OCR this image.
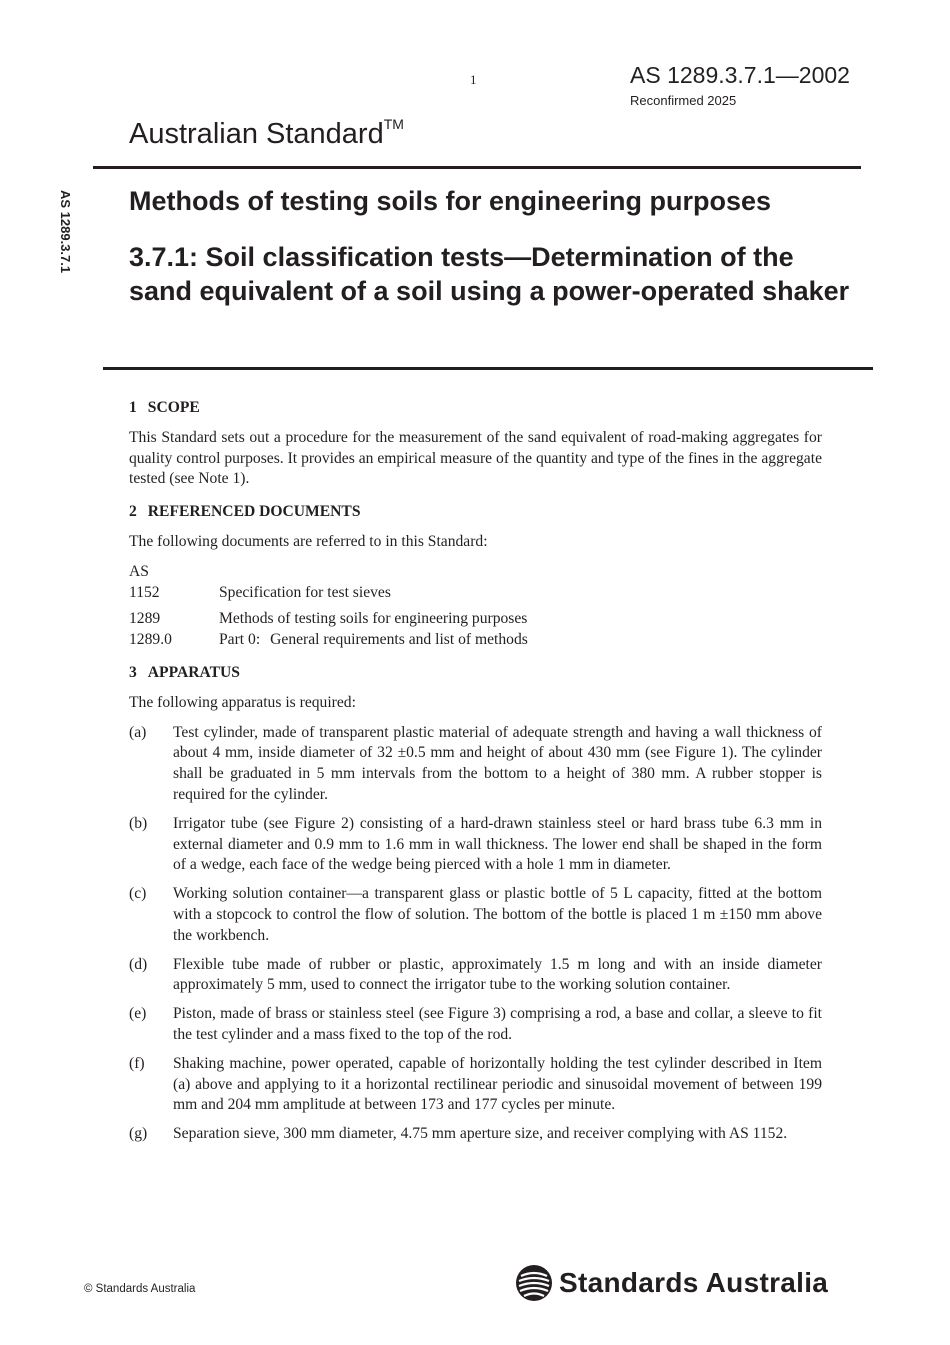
1	AS 1289.3.7.1—2002
Reconfirmed 2025
Australian Standard™
AS 1289.3.7.1 Methods of testing soils for engineering purposes
3.7.1: Soil classification tests—Determination of the sand equivalent of a soil using a power-operated shaker
1 SCOPE
This Standard sets out a procedure for the measurement of the sand equivalent of road-making aggregates for quality control purposes. It provides an empirical measure of the quantity and type of the fines in the aggregate tested (see Note 1).
2 REFERENCED DOCUMENTS
The following documents are referred to in this Standard:
AS
1152	Specification for test sieves
1289	Methods of testing soils for engineering purposes
1289.0	Part 0: General requirements and list of methods
3 APPARATUS
The following apparatus is required:
(a)	Test cylinder, made of transparent plastic material of adequate strength and having a wall thickness of about 4 mm, inside diameter of 32 ±0.5 mm and height of about 430 mm (see Figure 1). The cylinder shall be graduated in 5 mm intervals from the bottom to a height of 380 mm. A rubber stopper is required for the cylinder.
(b)	Irrigator tube (see Figure 2) consisting of a hard-drawn stainless steel or hard brass tube 6.3 mm in external diameter and 0.9 mm to 1.6 mm in wall thickness. The lower end shall be shaped in the form of a wedge, each face of the wedge being pierced with a hole 1 mm in diameter.
(c)	Working solution container—a transparent glass or plastic bottle of 5 L capacity, fitted at the bottom with a stopcock to control the flow of solution. The bottom of the bottle is placed 1 m ±150 mm above the workbench.
(d)	Flexible tube made of rubber or plastic, approximately 1.5 m long and with an inside diameter approximately 5 mm, used to connect the irrigator tube to the working solution container.
(e)	Piston, made of brass or stainless steel (see Figure 3) comprising a rod, a base and collar, a sleeve to fit the test cylinder and a mass fixed to the top of the rod.
(f)	Shaking machine, power operated, capable of horizontally holding the test cylinder described in Item (a) above and applying to it a horizontal rectilinear periodic and sinusoidal movement of between 199 mm and 204 mm amplitude at between 173 and 177 cycles per minute.
(g)	Separation sieve, 300 mm diameter, 4.75 mm aperture size, and receiver complying with AS 1152.
© Standards Australia	Standards Australia
